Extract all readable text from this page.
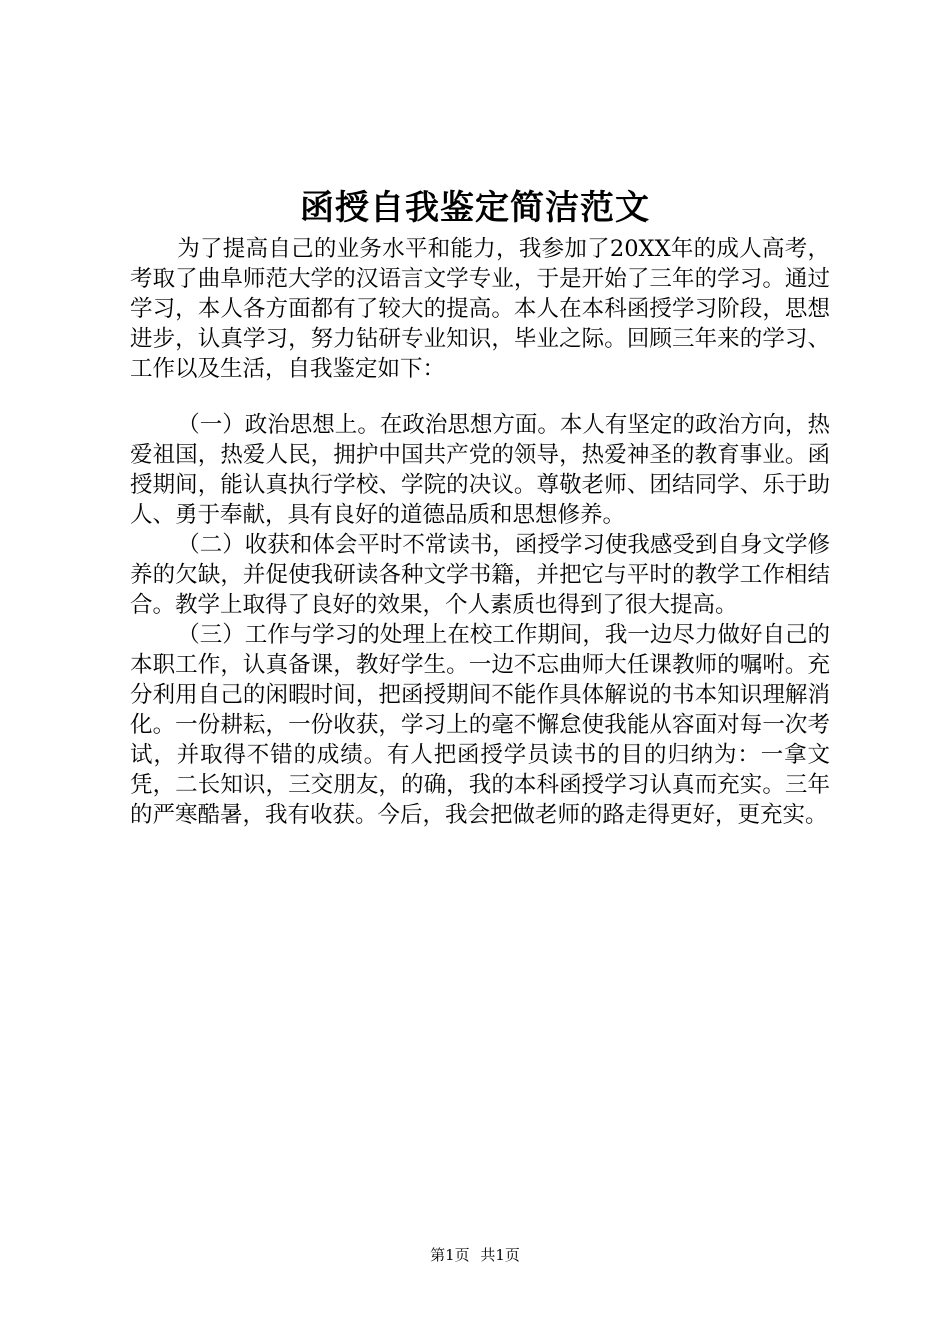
函授自我鉴定简洁范文

为了提高自己的业务水平和能力，我参加了20XX年的成人高考，考取了曲阜师范大学的汉语言文学专业，于是开始了三年的学习。通过学习，本人各方面都有了较大的提高。本人在本科函授学习阶段，思想进步，认真学习，努力钻研专业知识，毕业之际。回顾三年来的学习、工作以及生活，自我鉴定如下：

（一）政治思想上。在政治思想方面。本人有坚定的政治方向，热爱祖国，热爱人民，拥护中国共产党的领导，热爱神圣的教育事业。函授期间，能认真执行学校、学院的决议。尊敬老师、团结同学、乐于助人、勇于奉献，具有良好的道德品质和思想修养。

（二）收获和体会平时不常读书，函授学习使我感受到自身文学修养的欠缺，并促使我研读各种文学书籍，并把它与平时的教学工作相结合。教学上取得了良好的效果，个人素质也得到了很大提高。

（三）工作与学习的处理上在校工作期间，我一边尽力做好自己的本职工作，认真备课，教好学生。一边不忘曲师大任课教师的嘱咐。充分利用自己的闲暇时间，把函授期间不能作具体解说的书本知识理解消化。一份耕耘，一份收获，学习上的毫不懈怠使我能从容面对每一次考试，并取得不错的成绩。有人把函授学员读书的目的归纳为：一拿文凭，二长知识，三交朋友，的确，我的本科函授学习认真而充实。三年的严寒酷暑，我有收获。今后，我会把做老师的路走得更好，更充实。

第1页 共1页
